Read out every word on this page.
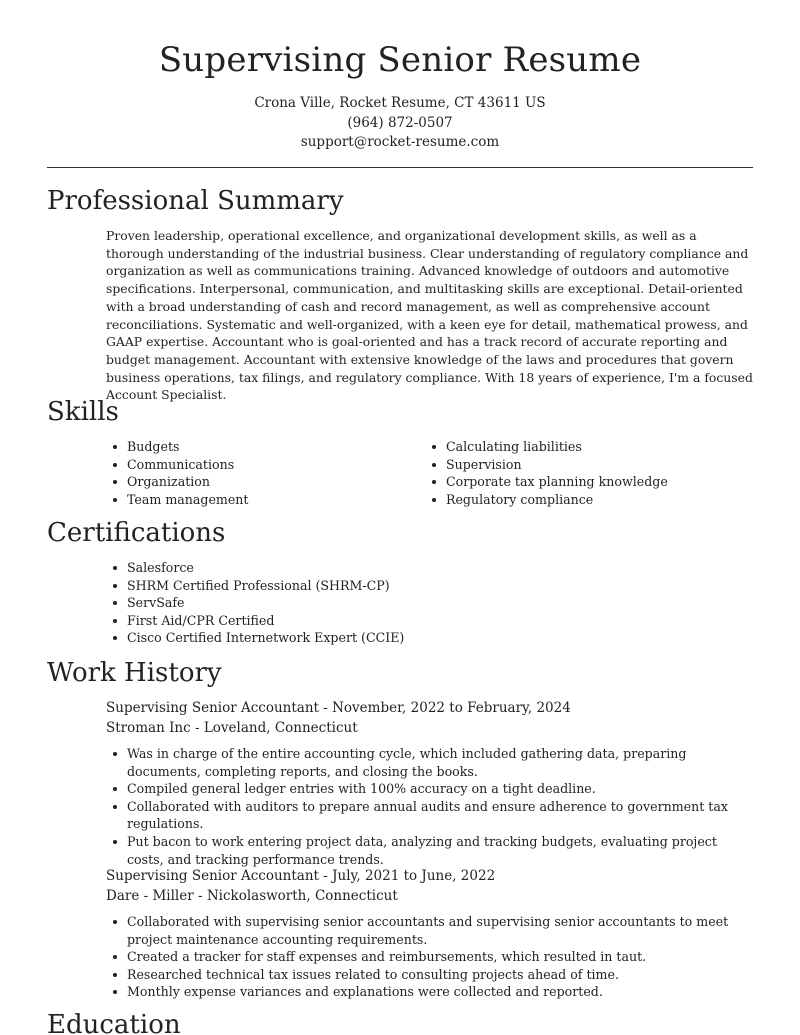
Supervising Senior Resume
Crona Ville, Rocket Resume, CT 43611 US
(964) 872-0507
support@rocket-resume.com
Professional Summary

Proven leadership, operational excellence, and organizational development skills, as well as a thorough understanding of the industrial business. Clear understanding of regulatory compliance and organization as well as communications training. Advanced knowledge of outdoors and automotive specifications. Interpersonal, communication, and multitasking skills are exceptional. Detail-oriented with a broad understanding of cash and record management, as well as comprehensive account reconciliations. Systematic and well-organized, with a keen eye for detail, mathematical prowess, and GAAP expertise. Accountant who is goal-oriented and has a track record of accurate reporting and budget management. Accountant with extensive knowledge of the laws and procedures that govern business operations, tax filings, and regulatory compliance. With 18 years of experience, I'm a focused Account Specialist.

Skills
Budgets
Communications
Organization
Team management
Calculating liabilities
Supervision
Corporate tax planning knowledge
Regulatory compliance
Certifications
Salesforce
SHRM Certified Professional (SHRM-CP)
ServSafe
First Aid/CPR Certified
Cisco Certified Internetwork Expert (CCIE)
Work History
Supervising Senior Accountant - November, 2022 to February, 2024
Stroman Inc - Loveland, Connecticut
Was in charge of the entire accounting cycle, which included gathering data, preparing documents, completing reports, and closing the books.
Compiled general ledger entries with 100% accuracy on a tight deadline.
Collaborated with auditors to prepare annual audits and ensure adherence to government tax regulations.
Put bacon to work entering project data, analyzing and tracking budgets, evaluating project costs, and tracking performance trends.
Supervising Senior Accountant - July, 2021 to June, 2022
Dare - Miller - Nickolasworth, Connecticut
Collaborated with supervising senior accountants and supervising senior accountants to meet project maintenance accounting requirements.
Created a tracker for staff expenses and reimbursements, which resulted in taut.
Researched technical tax issues related to consulting projects ahead of time.
Monthly expense variances and explanations were collected and reported.
Education
